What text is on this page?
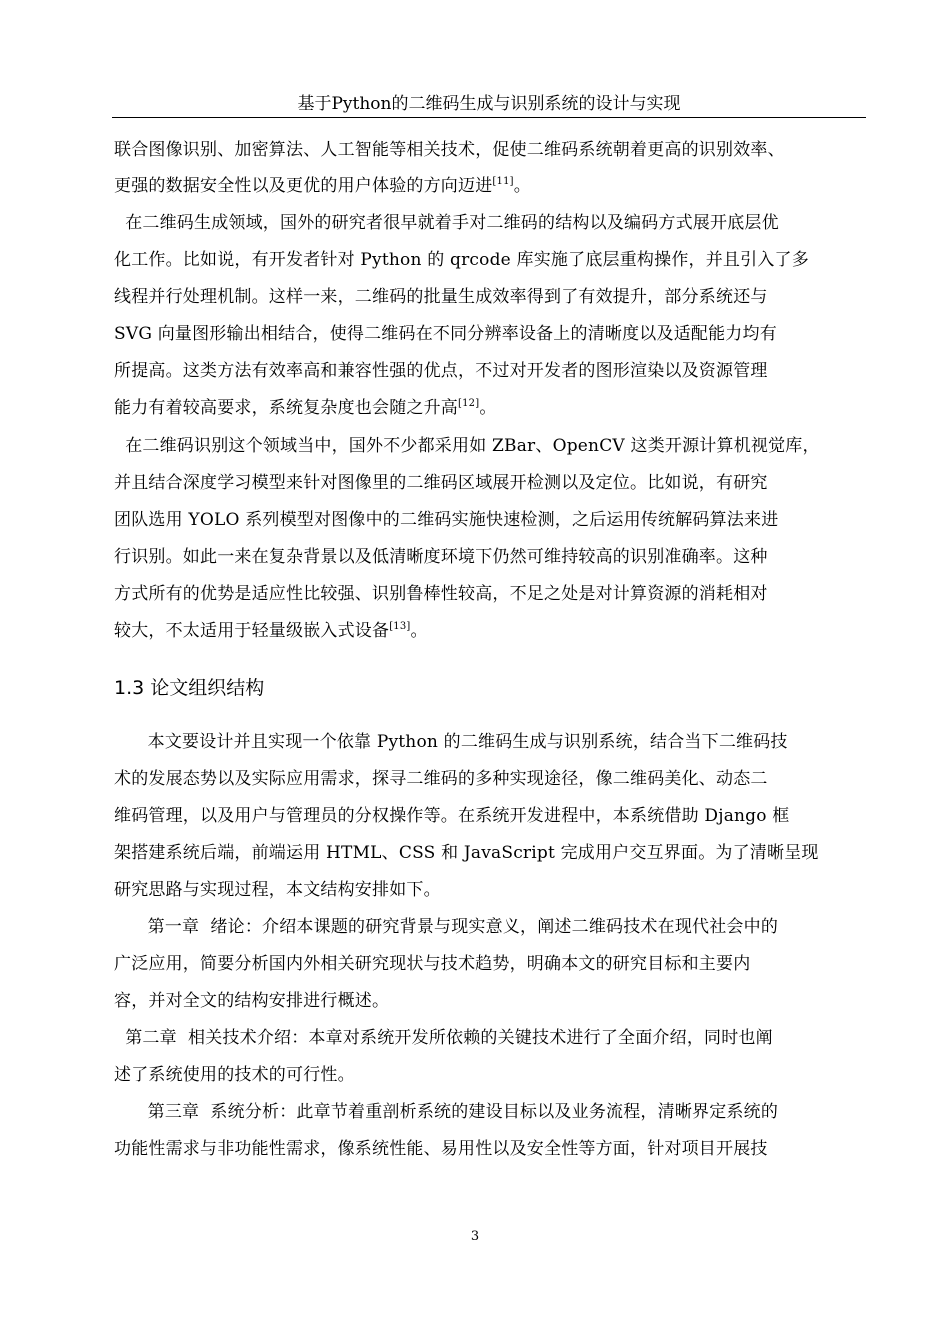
基于Python的二维码生成与识别系统的设计与实现
联合图像识别、加密算法、人工智能等相关技术，促使二维码系统朝着更高的识别效率、
更强的数据安全性以及更优的用户体验的方向迈进[11]。
在二维码生成领域，国外的研究者很早就着手对二维码的结构以及编码方式展开底层优
化工作。比如说，有开发者针对 Python 的 qrcode 库实施了底层重构操作，并且引入了多
线程并行处理机制。这样一来，二维码的批量生成效率得到了有效提升，部分系统还与
SVG 向量图形输出相结合，使得二维码在不同分辨率设备上的清晰度以及适配能力均有
所提高。这类方法有效率高和兼容性强的优点，不过对开发者的图形渲染以及资源管理
能力有着较高要求，系统复杂度也会随之升高[12]。
在二维码识别这个领域当中，国外不少都采用如 ZBar、OpenCV 这类开源计算机视觉库，
并且结合深度学习模型来针对图像里的二维码区域展开检测以及定位。比如说，有研究
团队选用 YOLO 系列模型对图像中的二维码实施快速检测，之后运用传统解码算法来进
行识别。如此一来在复杂背景以及低清晰度环境下仍然可维持较高的识别准确率。这种
方式所有的优势是适应性比较强、识别鲁棒性较高，不足之处是对计算资源的消耗相对
较大，不太适用于轻量级嵌入式设备[13]。
1.3 论文组织结构
本文要设计并且实现一个依靠 Python 的二维码生成与识别系统，结合当下二维码技
术的发展态势以及实际应用需求，探寻二维码的多种实现途径，像二维码美化、动态二
维码管理，以及用户与管理员的分权操作等。在系统开发进程中，本系统借助 Django 框
架搭建系统后端，前端运用 HTML、CSS 和 JavaScript 完成用户交互界面。为了清晰呈现
研究思路与实现过程，本文结构安排如下。
第一章  绪论：介绍本课题的研究背景与现实意义，阐述二维码技术在现代社会中的
广泛应用，简要分析国内外相关研究现状与技术趋势，明确本文的研究目标和主要内
容，并对全文的结构安排进行概述。
第二章  相关技术介绍：本章对系统开发所依赖的关键技术进行了全面介绍，同时也阐
述了系统使用的技术的可行性。
第三章  系统分析：此章节着重剖析系统的建设目标以及业务流程，清晰界定系统的
功能性需求与非功能性需求，像系统性能、易用性以及安全性等方面，针对项目开展技
3
